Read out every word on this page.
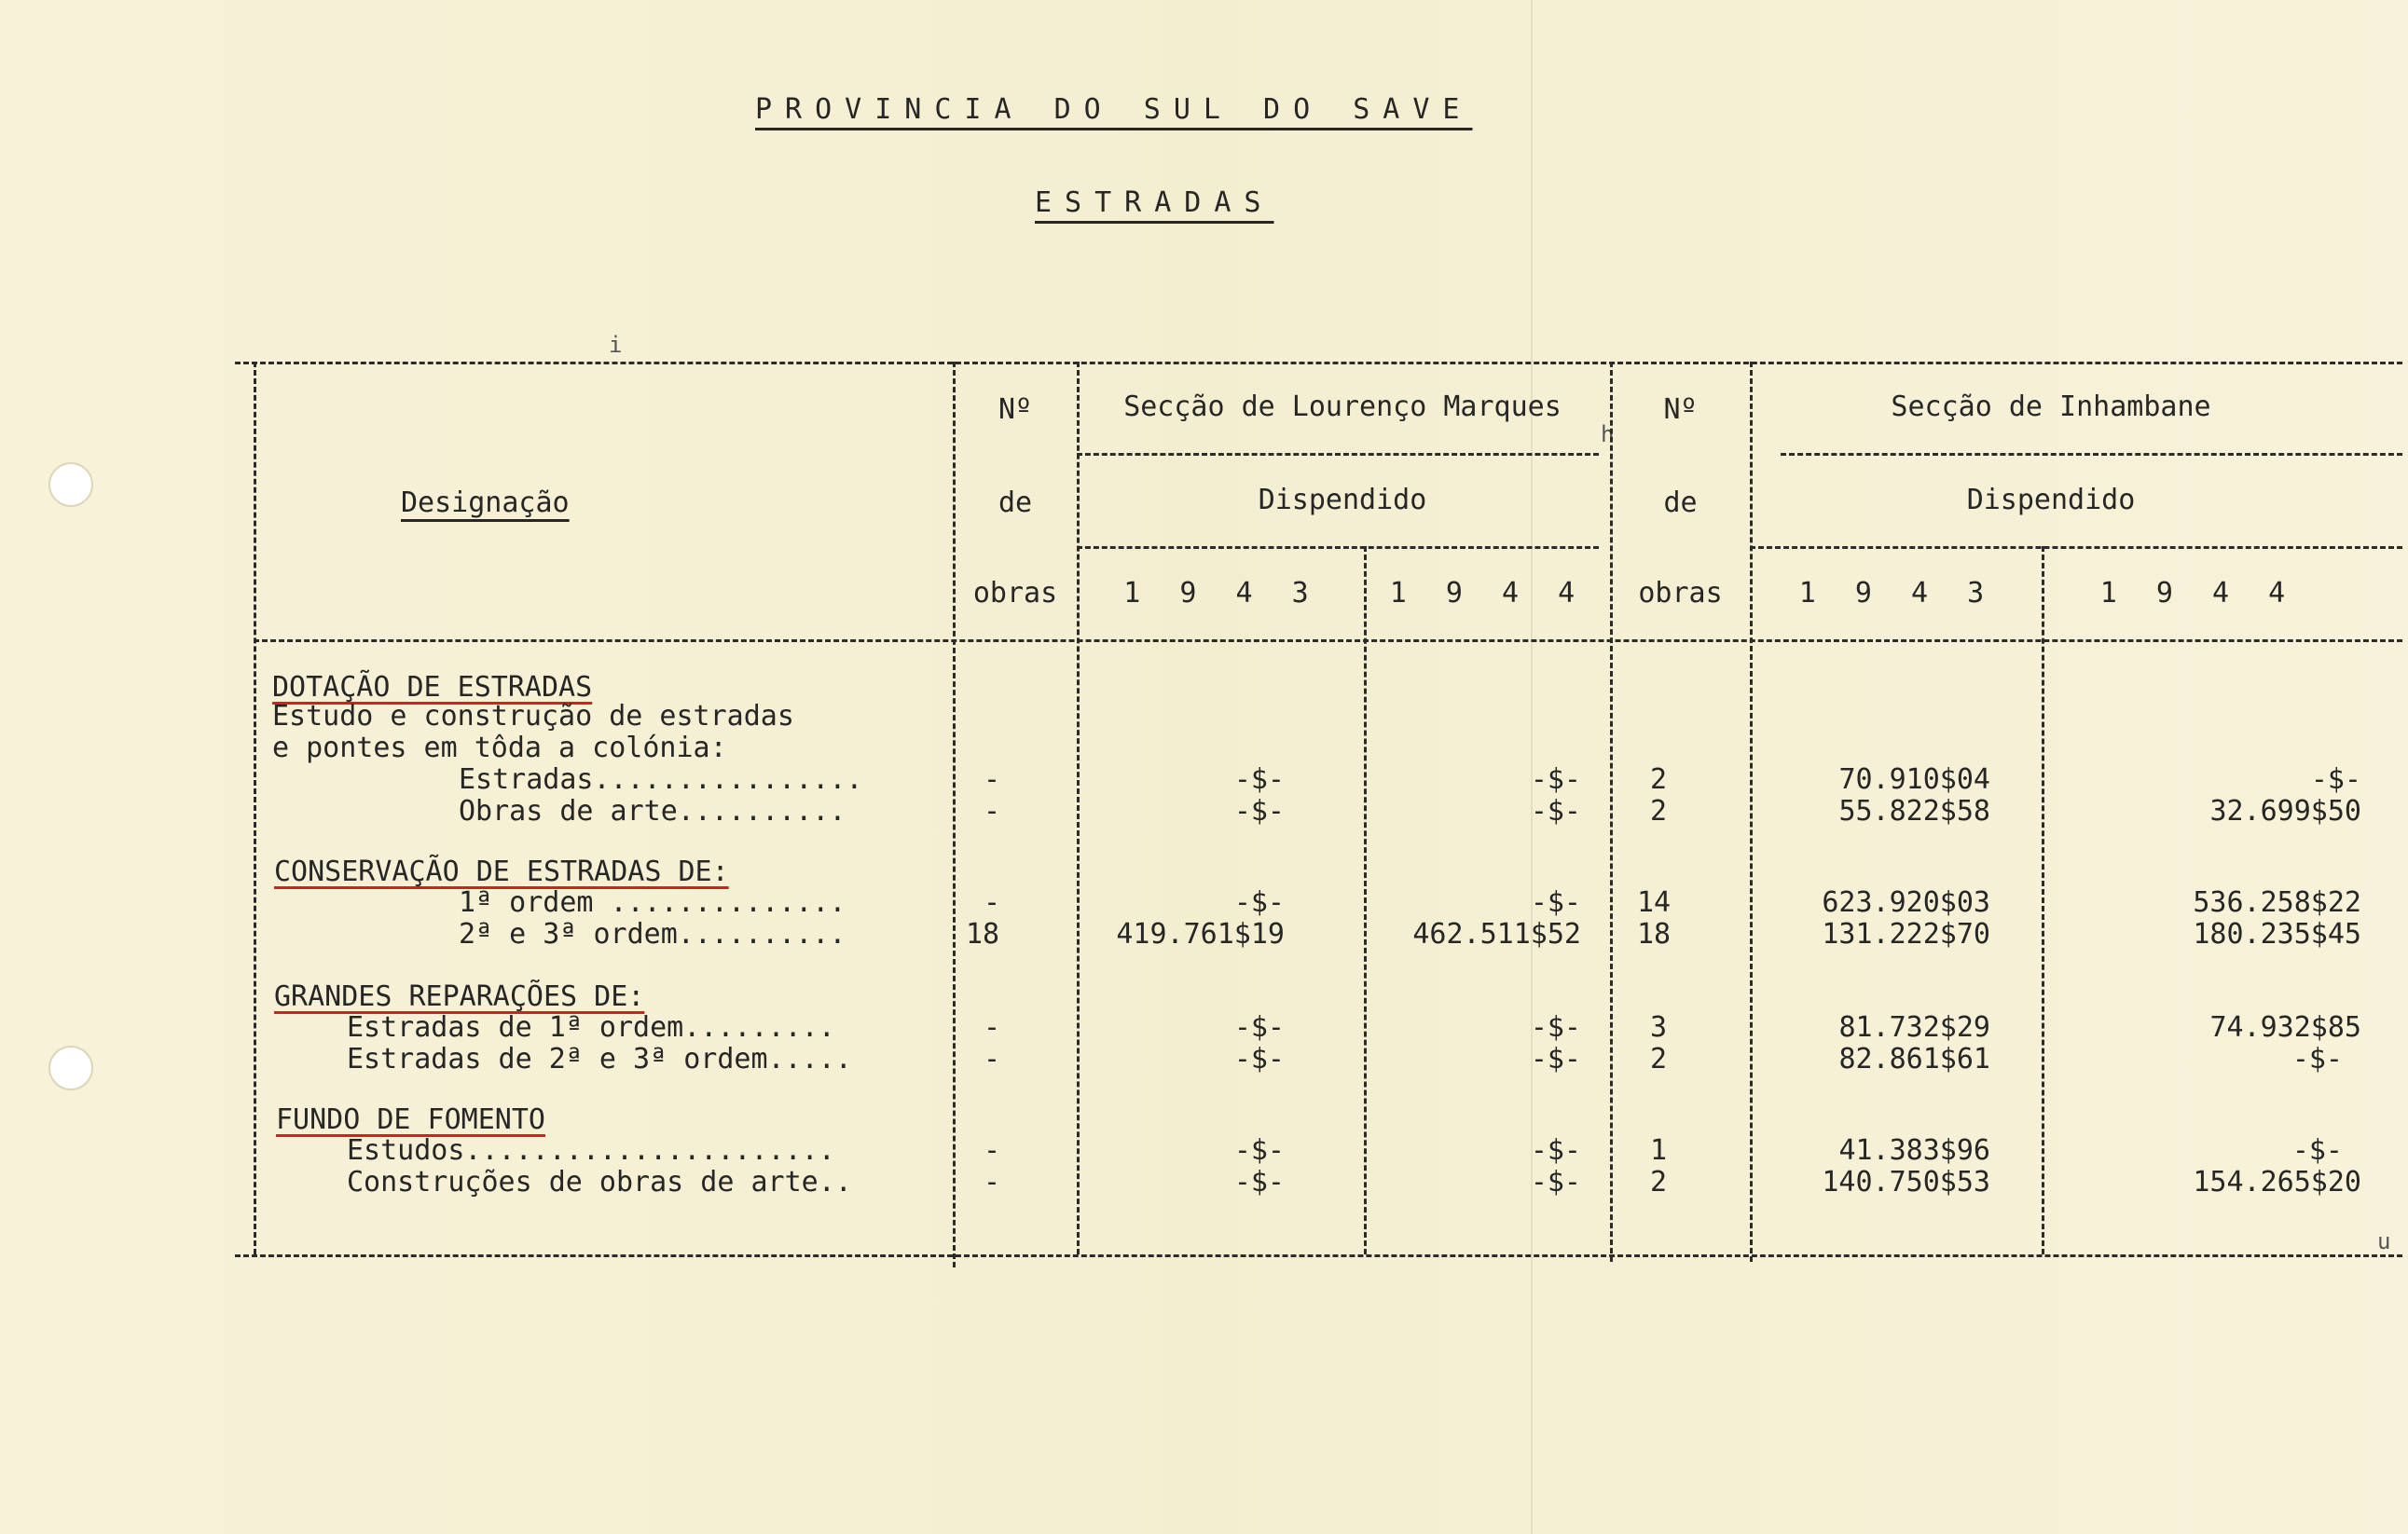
PROVINCIA DO SUL DO SAVE
ESTRADAS
i
h
u
Designação
Nº
de
obras
Secção de Lourenço Marques
Dispendido
1 9 4 3	1 9 4 4
Nº
de
obras
Secção de Inhambane
Dispendido
1 9 4 3	1 9 4 4
DOTAÇÃO DE ESTRADAS
Estudo e construção de estradas
e pontes em tôda a colónia:
Estradas................	-	-$-	-$- 2	70.910$04	-$-
Obras de arte..........	-	-$-	-$- 2	55.822$58	32.699$50
CONSERVAÇÃO DE ESTRADAS DE:
1ª ordem ..............	-	-$-	-$- 14	623.920$03	536.258$22
2ª e 3ª ordem..........	18	419.761$19	462.511$52 18	131.222$70	180.235$45
GRANDES REPARAÇÕES DE:
Estradas de 1ª ordem.........	-	-$-	-$- 3	81.732$29	74.932$85
Estradas de 2ª e 3ª ordem.....	-	-$-	-$- 2	82.861$61	-$-
FUNDO DE FOMENTO
Estudos......................	-	-$-	-$- 1	41.383$96	-$-
Construções de obras de arte..	-	-$-	-$- 2	140.750$53	154.265$20
